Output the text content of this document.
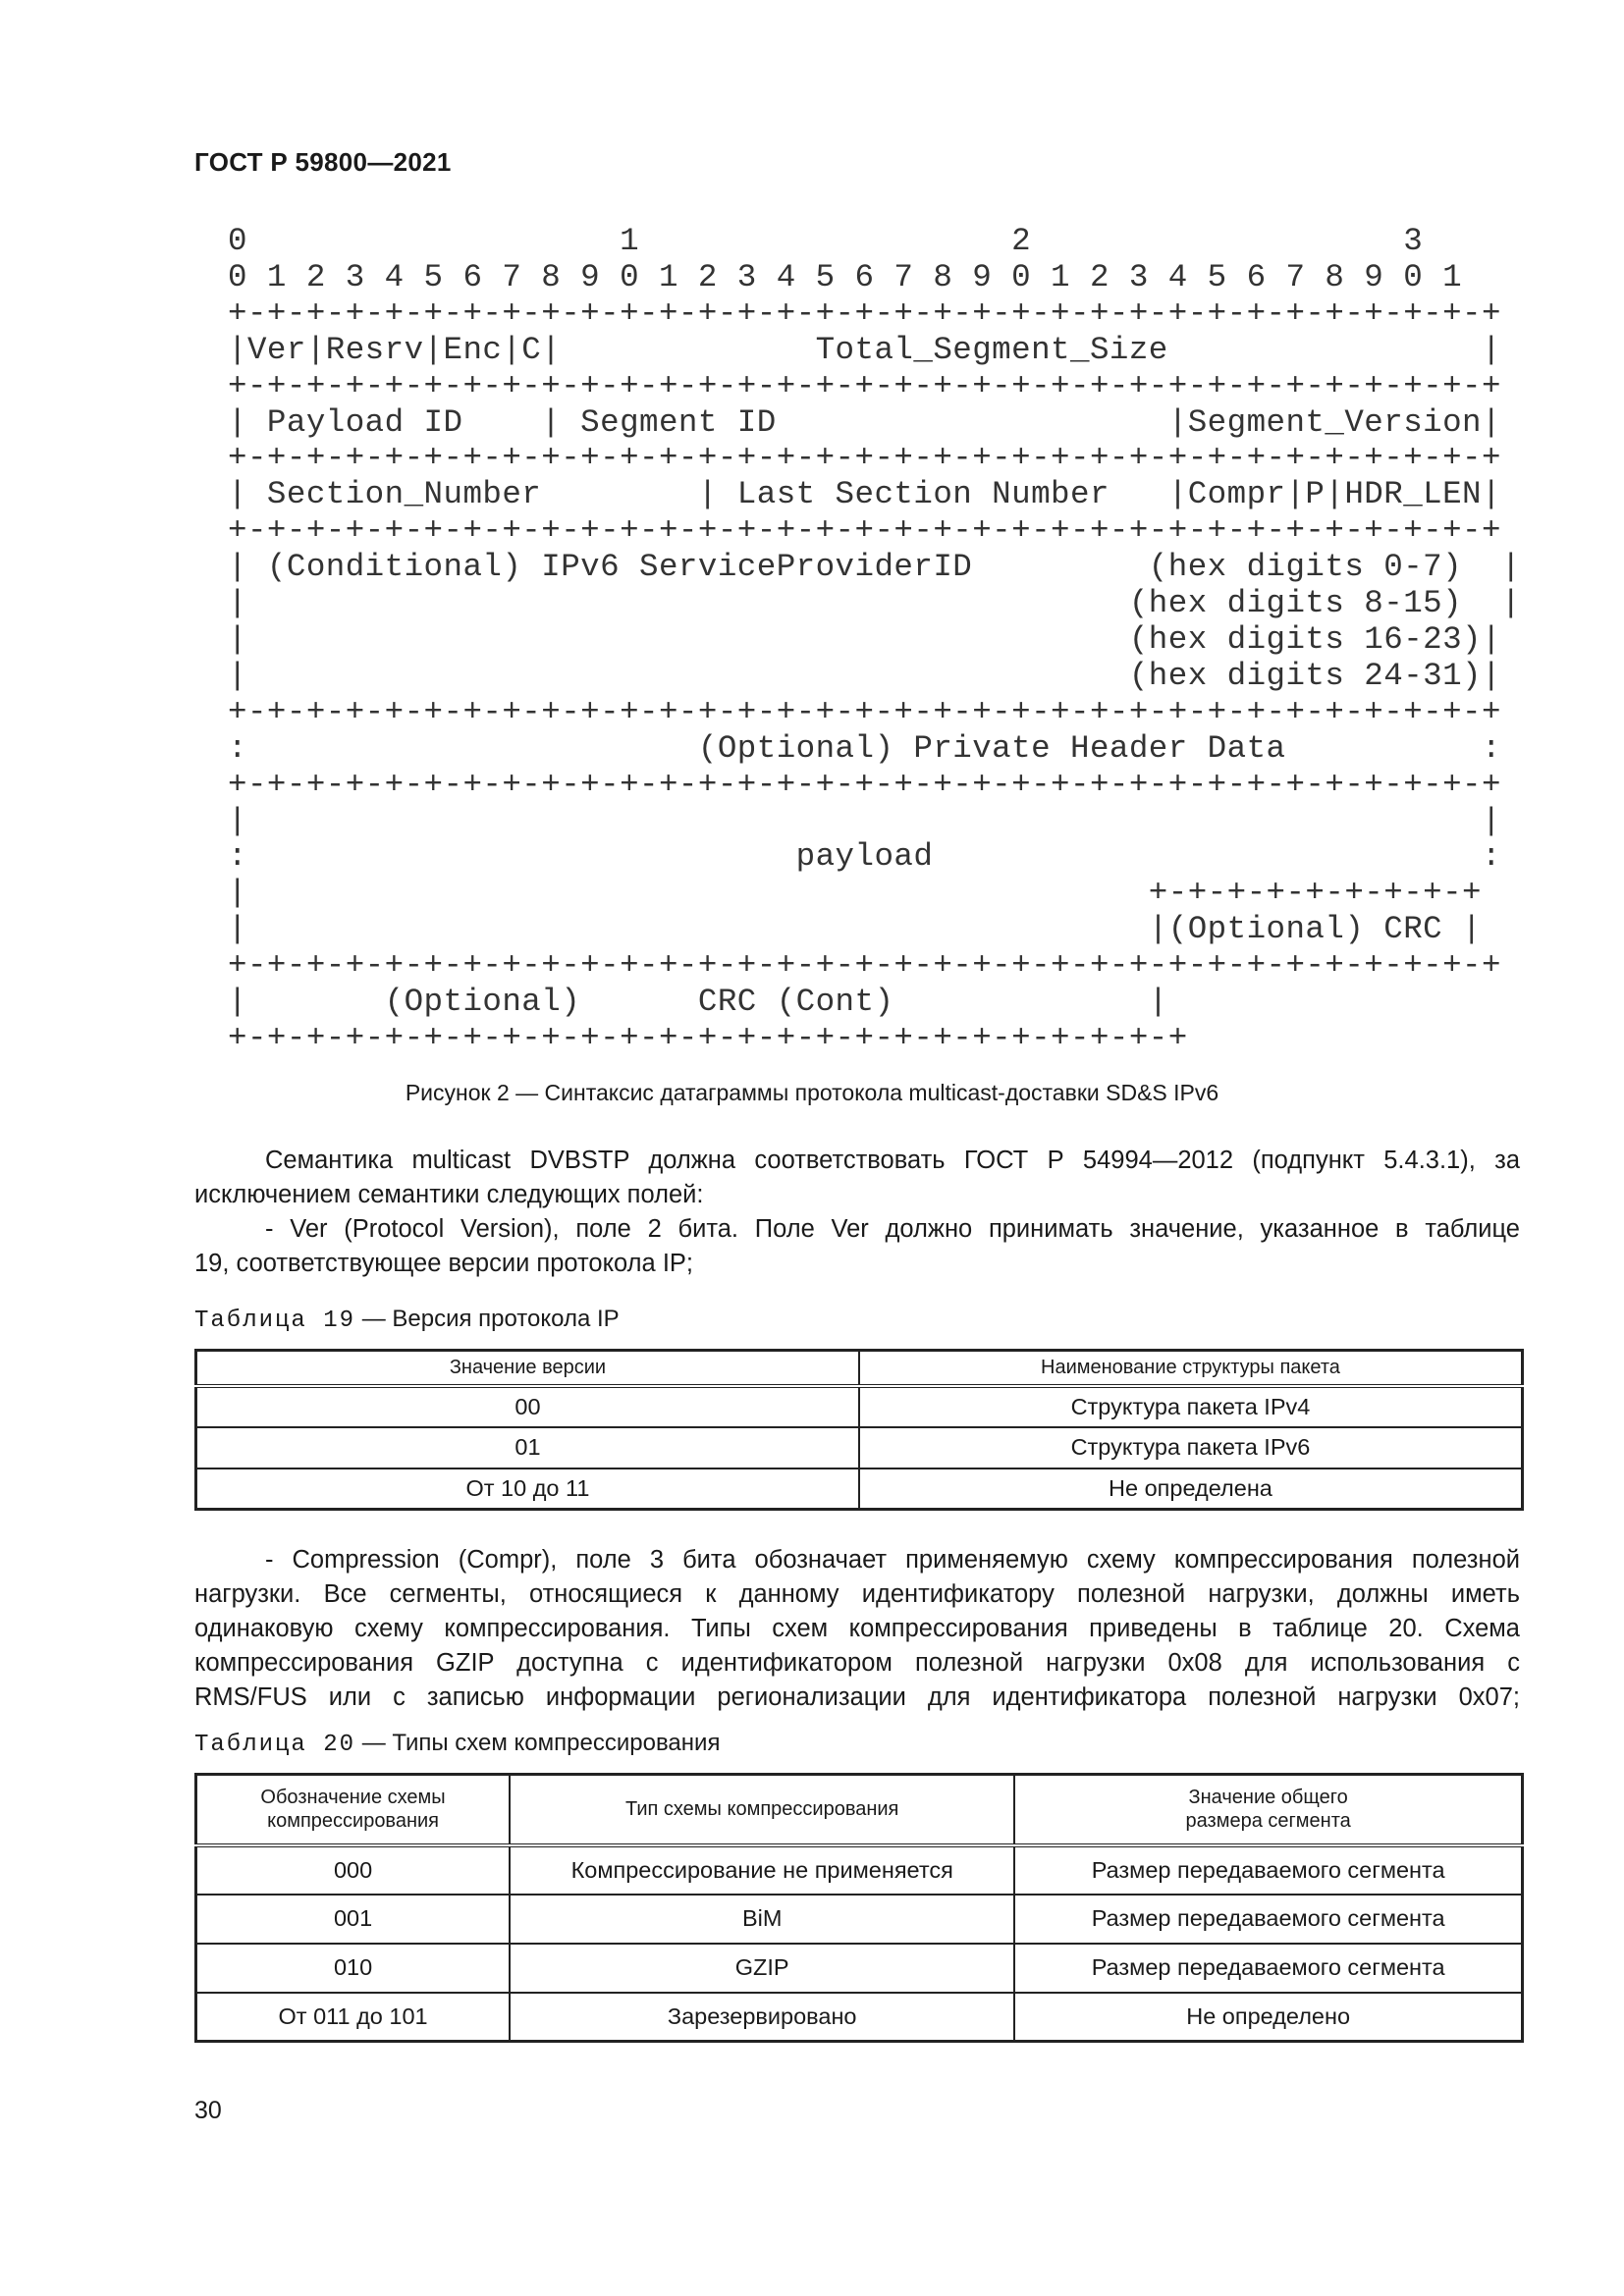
ГОСТ Р 59800—2021
0                   1                   2                   3
0 1 2 3 4 5 6 7 8 9 0 1 2 3 4 5 6 7 8 9 0 1 2 3 4 5 6 7 8 9 0 1
+-+-+-+-+-+-+-+-+-+-+-+-+-+-+-+-+-+-+-+-+-+-+-+-+-+-+-+-+-+-+-+-+
|Ver|Resrv|Enc|C|             Total_Segment_Size                |
+-+-+-+-+-+-+-+-+-+-+-+-+-+-+-+-+-+-+-+-+-+-+-+-+-+-+-+-+-+-+-+-+
| Payload ID    | Segment ID                    |Segment_Version|
+-+-+-+-+-+-+-+-+-+-+-+-+-+-+-+-+-+-+-+-+-+-+-+-+-+-+-+-+-+-+-+-+
| Section_Number        | Last Section Number   |Compr|P|HDR_LEN|
+-+-+-+-+-+-+-+-+-+-+-+-+-+-+-+-+-+-+-+-+-+-+-+-+-+-+-+-+-+-+-+-+
| (Conditional) IPv6 ServiceProviderID         (hex digits 0-7)  |
|                                             (hex digits 8-15)  |
|                                             (hex digits 16-23)|
|                                             (hex digits 24-31)|
+-+-+-+-+-+-+-+-+-+-+-+-+-+-+-+-+-+-+-+-+-+-+-+-+-+-+-+-+-+-+-+-+
:                       (Optional) Private Header Data          :
+-+-+-+-+-+-+-+-+-+-+-+-+-+-+-+-+-+-+-+-+-+-+-+-+-+-+-+-+-+-+-+-+
|                                                               |
:                            payload                            :
|                                              +-+-+-+-+-+-+-+-+
|                                              |(Optional) CRC |
+-+-+-+-+-+-+-+-+-+-+-+-+-+-+-+-+-+-+-+-+-+-+-+-+-+-+-+-+-+-+-+-+
|       (Optional)      CRC (Cont)             |
+-+-+-+-+-+-+-+-+-+-+-+-+-+-+-+-+-+-+-+-+-+-+-+-+
Рисунок 2 — Синтаксис датаграммы протокола multicast-доставки SD&S IPv6
Семантика multicast DVBSTP должна соответствовать ГОСТ Р 54994—2012 (подпункт 5.4.3.1), за
исключением семантики следующих полей:
- Ver (Protocol Version), поле 2 бита. Поле Ver должно принимать значение, указанное в таблице
19, соответствующее версии протокола IP;
Таблица 19 — Версия протокола IP
Значение версии	Наименование структуры пакета
00	Структура пакета IPv4
01	Структура пакета IPv6
От 10 до 11	Не определена
- Compression (Compr), поле 3 бита обозначает применяемую схему компрессирования полезной
нагрузки. Все сегменты, относящиеся к данному идентификатору полезной нагрузки, должны иметь
одинаковую схему компрессирования. Типы схем компрессирования приведены в таблице 20. Схема
компрессирования GZIP доступна с идентификатором полезной нагрузки 0x08 для использования с
RMS/FUS или с записью информации регионализации для идентификатора полезной нагрузки 0x07;
Таблица 20 — Типы схем компрессирования
Обозначение схемы компрессирования	Тип схемы компрессирования	Значение общего размера сегмента
000	Компрессирование не применяется	Размер передаваемого сегмента
001	BiM	Размер передаваемого сегмента
010	GZIP	Размер передаваемого сегмента
От 011 до 101	Зарезервировано	Не определено
30
